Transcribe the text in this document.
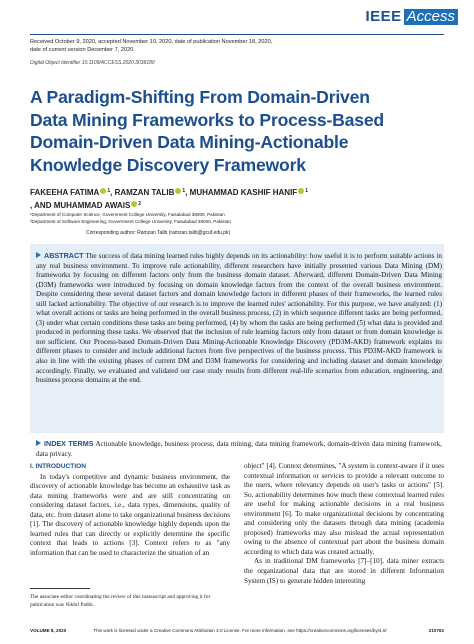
IEEE Access
Received October 9, 2020, accepted November 10, 2020, date of publication November 18, 2020,
date of current version December 7, 2020.
Digital Object Identifier 10.1109/ACCESS.2020.3038180
A Paradigm-Shifting From Domain-Driven
Data Mining Frameworks to Process-Based
Domain-Driven Data Mining-Actionable
Knowledge Discovery Framework
FAKEEHA FATIMA $^1$, RAMZAN TALIB $^1$, MUHAMMAD KASHIF HANIF $^1$
, AND MUHAMMAD AWAIS $^2$
¹Department of Computer Science, Government College University, Faisalabad 38000, Pakistan
²Department of Software Engineering, Government College University, Faisalabad 38000, Pakistan
Corresponding author: Ramzan Talib (ramzan.talib@gcuf.edu.pk)
ABSTRACT The success of data mining learned rules highly depends on its actionability: how useful it is to perform suitable actions in any real business environment. To improve rule actionability, different researchers have initially presented various Data Mining (DM) frameworks by focusing on different factors only from the business domain dataset. Afterward, different Domain-Driven Data Mining (D3M) frameworks were introduced by focusing on domain knowledge factors from the context of the overall business environment. Despite considering these several dataset factors and domain knowledge factors in different phases of their frameworks, the learned rules still lacked actionability. The objective of our research is to improve the learned rules' actionability. For this purpose, we have analyzed: (1) what overall actions or tasks are being performed in the overall business process, (2) in which sequence different tasks are being performed, (3) under what certain conditions these tasks are being performed, (4) by whom the tasks are being performed (5) what data is provided and produced in performing these tasks. We observed that the inclusion of rule learning factors only from dataset or from domain knowledge is not sufficient. Our Process-based Domain-Driven Data Mining-Actionable Knowledge Discovery (PD3M-AKD) framework explains its different phases to consider and include additional factors from five perspectives of the business process. This PD3M-AKD framework is also in line with the existing phases of current DM and D3M frameworks for considering and including dataset and domain knowledge accordingly. Finally, we evaluated and validated our case study results from different real-life scenarios from education, engineering, and business process domains at the end.
INDEX TERMS Actionable knowledge, business process, data mining, data mining framework, domain-driven data mining framework, data privacy.
I. INTRODUCTION
In today's competitive and dynamic business environment, the discovery of actionable knowledge has become an exhaustive task as data mining frameworks were and are still concentrating on considering dataset factors, i.e., data types, dimensions, quality of data, etc. from dataset alone to take organizational business decisions [1]. The discovery of actionable knowledge highly depends upon the learned rules that can directly or explicitly determine the specific context that leads to actions [3]. Context refers to as "any information that can be used to characterize the situation of an
object" [4]. Context determines, "A system is context-aware if it uses contextual information or services to provide a relevant outcome to the users, where relevancy depends on user's tasks or actions" [5]. So, actionability determines how much these contextual learned rules are useful for making actionable decisions in a real business environment [6]. To make organizational decisions by concentrating and considering only the datasets through data mining (academia proposed) frameworks may also mislead the actual representation owing to the absence of contextual part about the business domain according to which data was created actually.
As in traditional DM frameworks [7]–[10], data miner extracts the organizational data that are stored in different Information System (IS) to generate hidden interesting
The associate editor coordinating the review of this manuscript and approving it for publication was Nikhil Padhi.
VOLUME 8, 2020	This work is licensed under a Creative Commons Attribution 4.0 License. For more information, see https://creativecommons.org/licenses/by/4.0/	210763
